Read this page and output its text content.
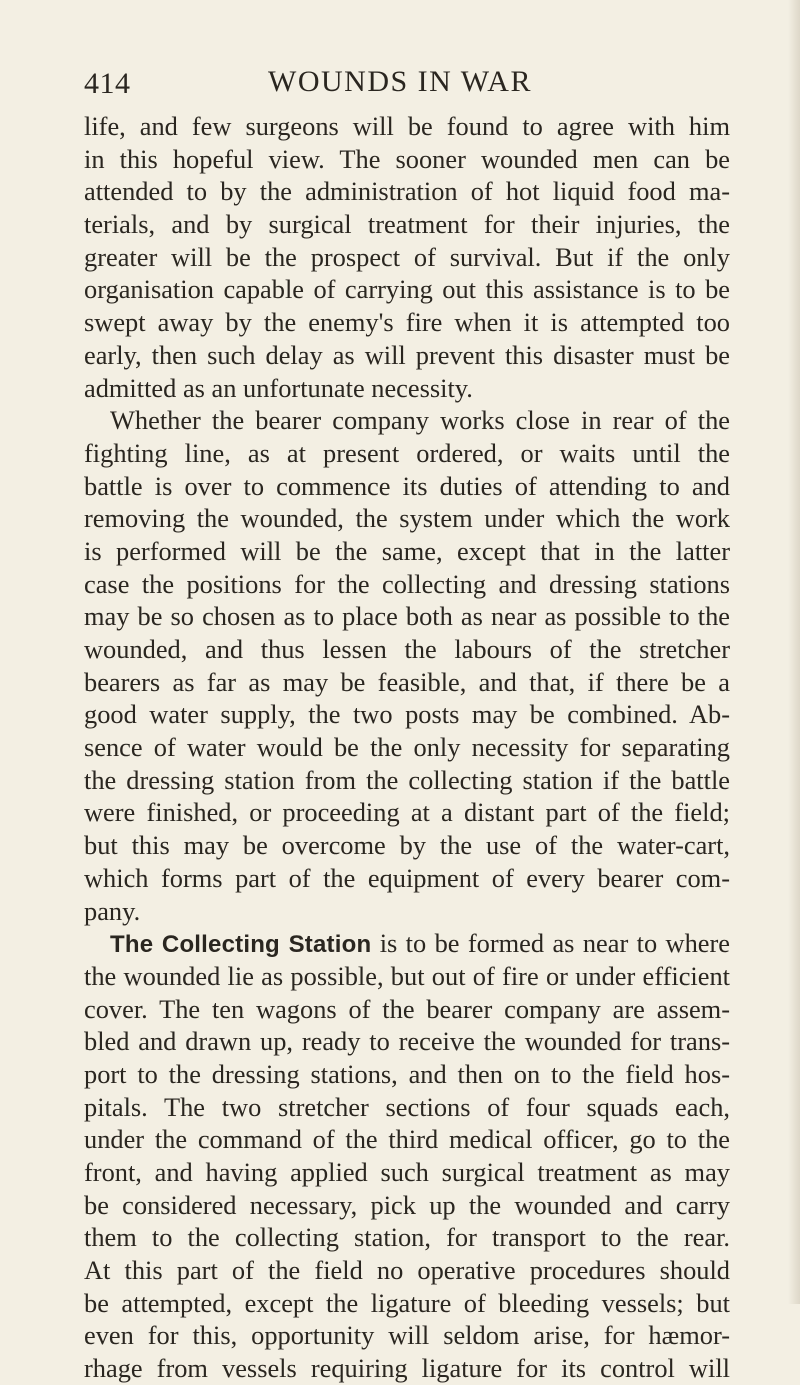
414	WOUNDS IN WAR
life, and few surgeons will be found to agree with him
in this hopeful view. The sooner wounded men can be
attended to by the administration of hot liquid food ma-
terials, and by surgical treatment for their injuries, the
greater will be the prospect of survival. But if the only
organisation capable of carrying out this assistance is to be
swept away by the enemy's fire when it is attempted too
early, then such delay as will prevent this disaster must be
admitted as an unfortunate necessity.
Whether the bearer company works close in rear of the
fighting line, as at present ordered, or waits until the
battle is over to commence its duties of attending to and
removing the wounded, the system under which the work
is performed will be the same, except that in the latter
case the positions for the collecting and dressing stations
may be so chosen as to place both as near as possible to the
wounded, and thus lessen the labours of the stretcher
bearers as far as may be feasible, and that, if there be a
good water supply, the two posts may be combined. Ab-
sence of water would be the only necessity for separating
the dressing station from the collecting station if the battle
were finished, or proceeding at a distant part of the field;
but this may be overcome by the use of the water-cart,
which forms part of the equipment of every bearer com-
pany.
The Collecting Station is to be formed as near to where
the wounded lie as possible, but out of fire or under efficient
cover. The ten wagons of the bearer company are assem-
bled and drawn up, ready to receive the wounded for trans-
port to the dressing stations, and then on to the field hos-
pitals. The two stretcher sections of four squads each,
under the command of the third medical officer, go to the
front, and having applied such surgical treatment as may
be considered necessary, pick up the wounded and carry
them to the collecting station, for transport to the rear.
At this part of the field no operative procedures should
be attempted, except the ligature of bleeding vessels; but
even for this, opportunity will seldom arise, for hæmor-
rhage from vessels requiring ligature for its control will
